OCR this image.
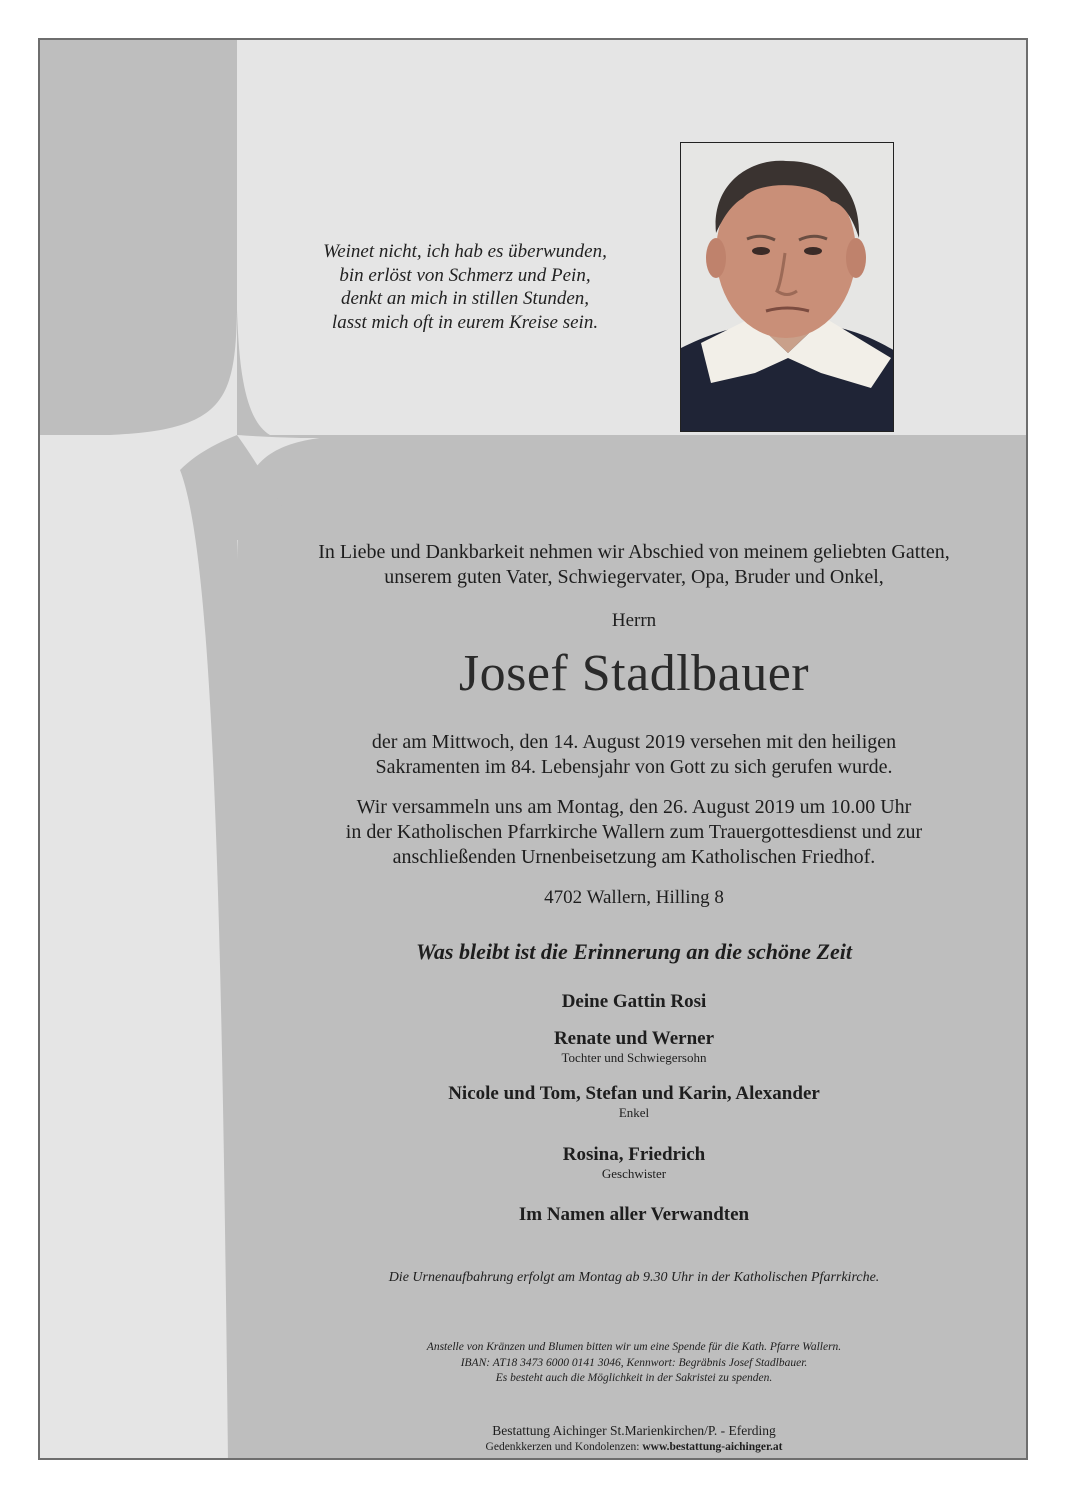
Weinet nicht, ich hab es überwunden,
bin erlöst von Schmerz und Pein,
denkt an mich in stillen Stunden,
lasst mich oft in eurem Kreise sein.
In Liebe und Dankbarkeit nehmen wir Abschied von meinem geliebten Gatten,
unserem guten Vater, Schwiegervater, Opa, Bruder und Onkel,
Herrn
Josef Stadlbauer
der am Mittwoch, den 14. August 2019 versehen mit den heiligen
Sakramenten im 84. Lebensjahr von Gott zu sich gerufen wurde.
Wir versammeln uns am Montag, den 26. August 2019 um 10.00 Uhr
in der Katholischen Pfarrkirche Wallern zum Trauergottesdienst und zur
anschließenden Urnenbeisetzung am Katholischen Friedhof.
4702 Wallern, Hilling 8
Was bleibt ist die Erinnerung an die schöne Zeit
Deine Gattin Rosi
Renate und Werner
Tochter und Schwiegersohn
Nicole und Tom, Stefan und Karin, Alexander
Enkel
Rosina, Friedrich
Geschwister
Im Namen aller Verwandten
Die Urnenaufbahrung erfolgt am Montag ab 9.30 Uhr in der Katholischen Pfarrkirche.
Anstelle von Kränzen und Blumen bitten wir um eine Spende für die Kath. Pfarre Wallern.
IBAN: AT18 3473 6000 0141 3046, Kennwort: Begräbnis Josef Stadlbauer.
Es besteht auch die Möglichkeit in der Sakristei zu spenden.
Bestattung Aichinger St.Marienkirchen/P. - Eferding
Gedenkkerzen und Kondolenzen: www.bestattung-aichinger.at
